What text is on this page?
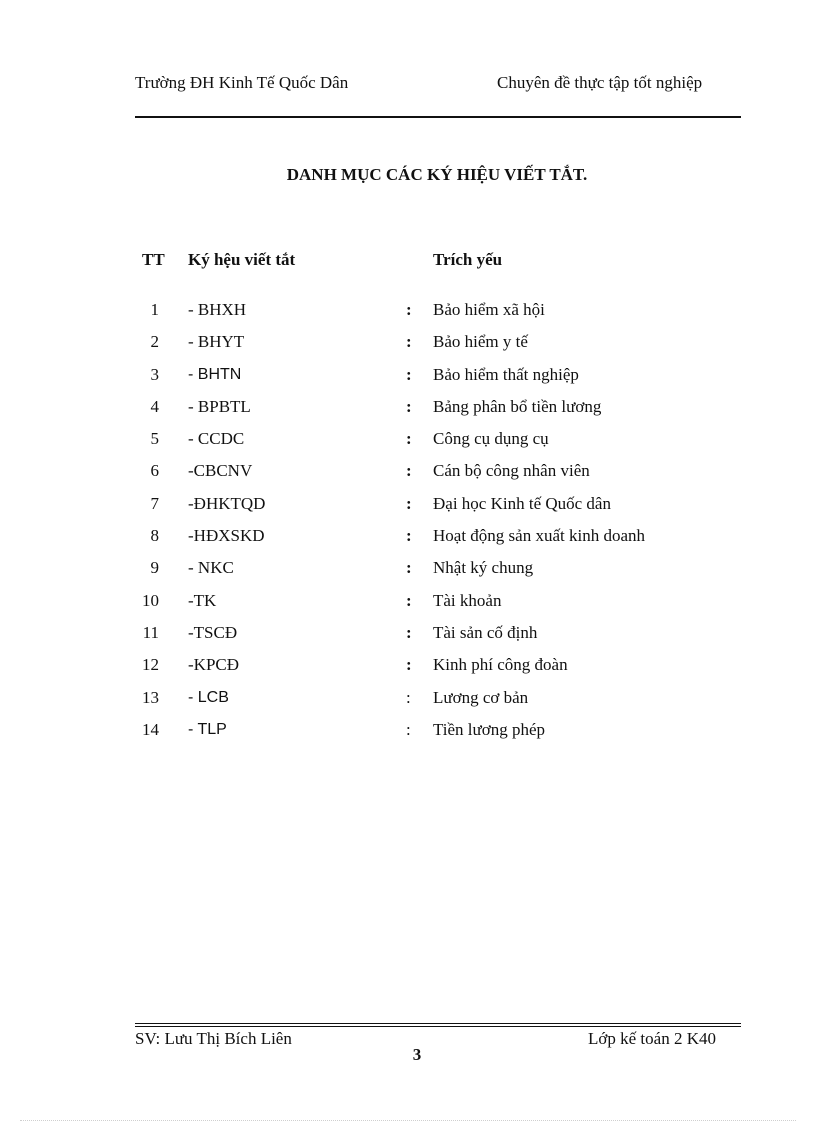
Trường ĐH Kinh Tế Quốc Dân	Chuyên đề thực tập tốt nghiệp
DANH MỤC CÁC KÝ HIỆU VIẾT TẮT.
TT Ký hệu viết tắt	Trích yếu
1 - BHXH	: Bảo hiểm xã hội
2 - BHYT	: Bảo hiểm y tế
3 - BHTN	: Bảo hiểm thất nghiệp
4 - BPBTL	: Bảng phân bổ tiền lương
5 - CCDC	: Công cụ dụng cụ
6 -CBCNV	: Cán bộ công nhân viên
7 -ĐHKTQD	: Đại học Kinh tế Quốc dân
8 -HĐXSKD	: Hoạt động sản xuất kinh doanh
9 - NKC	: Nhật ký chung
10 -TK	: Tài khoản
11 -TSCĐ	: Tài sản cố định
12 -KPCĐ	: Kinh phí công đoàn
13 - LCB	: Lương cơ bản
14 - TLP	: Tiền lương phép
SV: Lưu Thị Bích Liên	Lớp kế toán 2 K40
3
